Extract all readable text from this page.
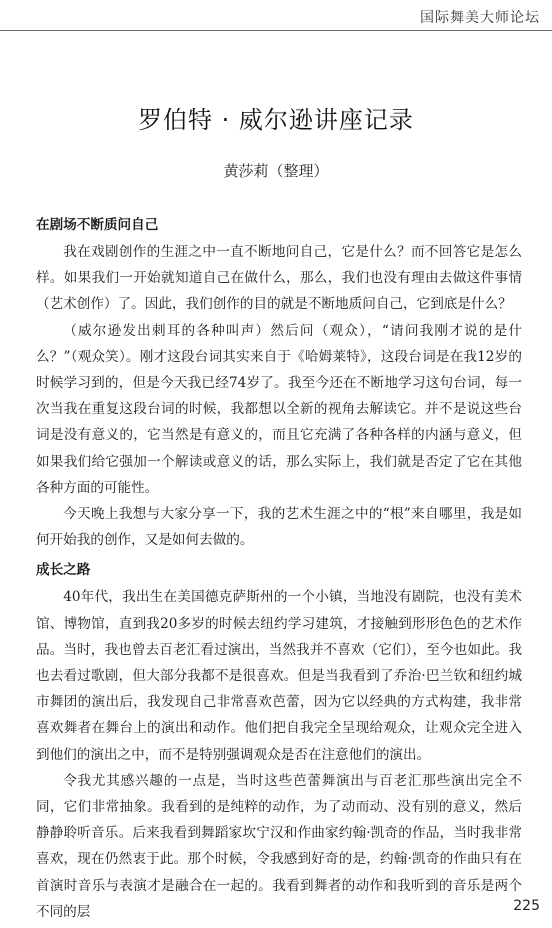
国际舞美大师论坛
罗伯特 · 威尔逊讲座记录
黄莎莉（整理）
在剧场不断质问自己

我在戏剧创作的生涯之中一直不断地问自己，它是什么？而不回答它是怎么样。如果我们一开始就知道自己在做什么，那么，我们也没有理由去做这件事情（艺术创作）了。因此，我们创作的目的就是不断地质问自己，它到底是什么？

（威尔逊发出刺耳的各种叫声）然后问（观众），“请问我刚才说的是什么？”（观众笑）。刚才这段台词其实来自于《哈姆莱特》，这段台词是在我12岁的时候学习到的，但是今天我已经74岁了。我至今还在不断地学习这句台词，每一次当我在重复这段台词的时候，我都想以全新的视角去解读它。并不是说这些台词是没有意义的，它当然是有意义的，而且它充满了各种各样的内涵与意义，但如果我们给它强加一个解读或意义的话，那么实际上，我们就是否定了它在其他各种方面的可能性。

今天晚上我想与大家分享一下，我的艺术生涯之中的“根”来自哪里，我是如何开始我的创作，又是如何去做的。

成长之路

40年代，我出生在美国德克萨斯州的一个小镇，当地没有剧院，也没有美术馆、博物馆，直到我20多岁的时候去纽约学习建筑，才接触到形形色色的艺术作品。当时，我也曾去百老汇看过演出，当然我并不喜欢（它们），至今也如此。我也去看过歌剧，但大部分我都不是很喜欢。但是当我看到了乔治·巴兰钦和纽约城市舞团的演出后，我发现自己非常喜欢芭蕾，因为它以经典的方式构建，我非常喜欢舞者在舞台上的演出和动作。他们把自我完全呈现给观众，让观众完全进入到他们的演出之中，而不是特别强调观众是否在注意他们的演出。

令我尤其感兴趣的一点是，当时这些芭蕾舞演出与百老汇那些演出完全不同，它们非常抽象。我看到的是纯粹的动作，为了动而动、没有别的意义，然后静静聆听音乐。后来我看到舞蹈家坎宁汉和作曲家约翰·凯奇的作品，当时我非常喜欢，现在仍然衷于此。那个时候，令我感到好奇的是，约翰·凯奇的作曲只有在首演时音乐与表演才是融合在一起的。我看到舞者的动作和我听到的音乐是两个不同的层	225
